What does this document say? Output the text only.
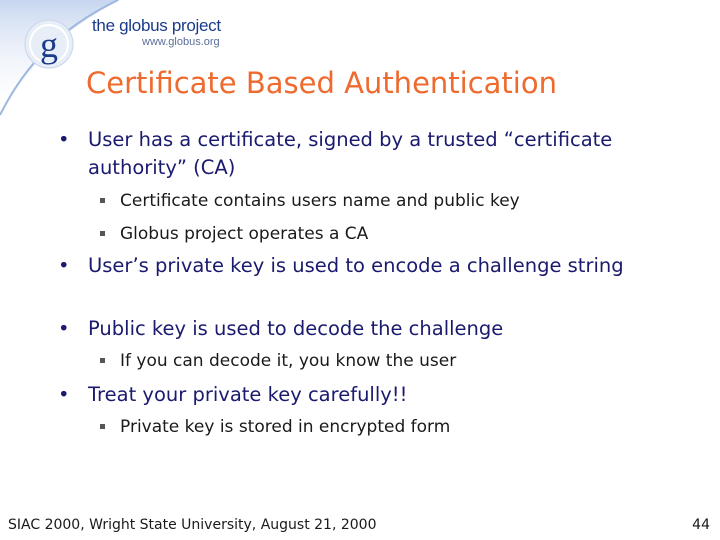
g the globus project
www.globus.org
Certificate Based Authentication
• User has a certificate, signed by a trusted “certificate authority” (CA)
Certificate contains users name and public key
Globus project operates a CA
• User’s private key is used to encode a challenge string
• Public key is used to decode the challenge
If you can decode it, you know the user
• Treat your private key carefully!!
Private key is stored in encrypted form
SIAC 2000, Wright State University, August 21, 2000	44
